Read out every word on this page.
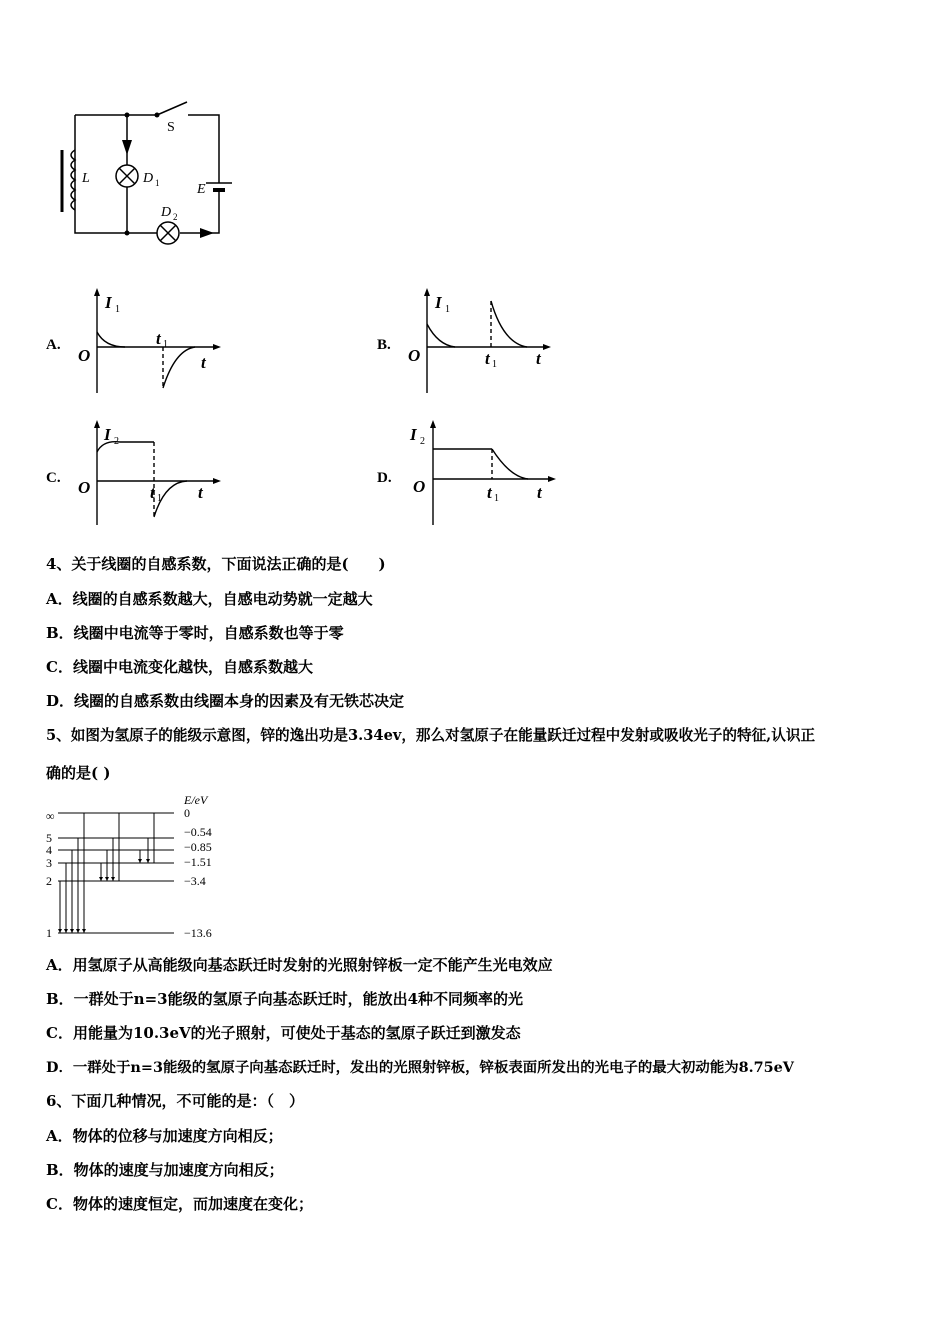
S
L	D 1
D 2
E
A.
I 1
O	t
t 1	B.
I 1
O	t
t 1
C.
I 2
O	t
t 1
D.
I 2
O	t
t 1
4、关于线圈的自感系数，下面说法正确的是(　　)
A．线圈的自感系数越大，自感电动势就一定越大
B．线圈中电流等于零时，自感系数也等于零
C．线圈中电流变化越快，自感系数越大
D．线圈的自感系数由线圈本身的因素及有无铁芯决定
5、如图为氢原子的能级示意图，锌的逸出功是3.34ev，那么对氢原子在能量跃迁过程中发射或吸收光子的特征,认识正
确的是( )
E/eV
∞	0
5	−0.54
4	−0.85
3	−1.51
2	−3.4
1	−13.6
A．用氢原子从高能级向基态跃迁时发射的光照射锌板一定不能产生光电效应
B．一群处于n=3能级的氢原子向基态跃迁时，能放出4种不同频率的光
C．用能量为10.3eV的光子照射，可使处于基态的氢原子跃迁到激发态
D．一群处于n=3能级的氢原子向基态跃迁时，发出的光照射锌板，锌板表面所发出的光电子的最大初动能为8.75eV
6、下面几种情况，不可能的是：（　）
A．物体的位移与加速度方向相反；
B．物体的速度与加速度方向相反；
C．物体的速度恒定，而加速度在变化；
